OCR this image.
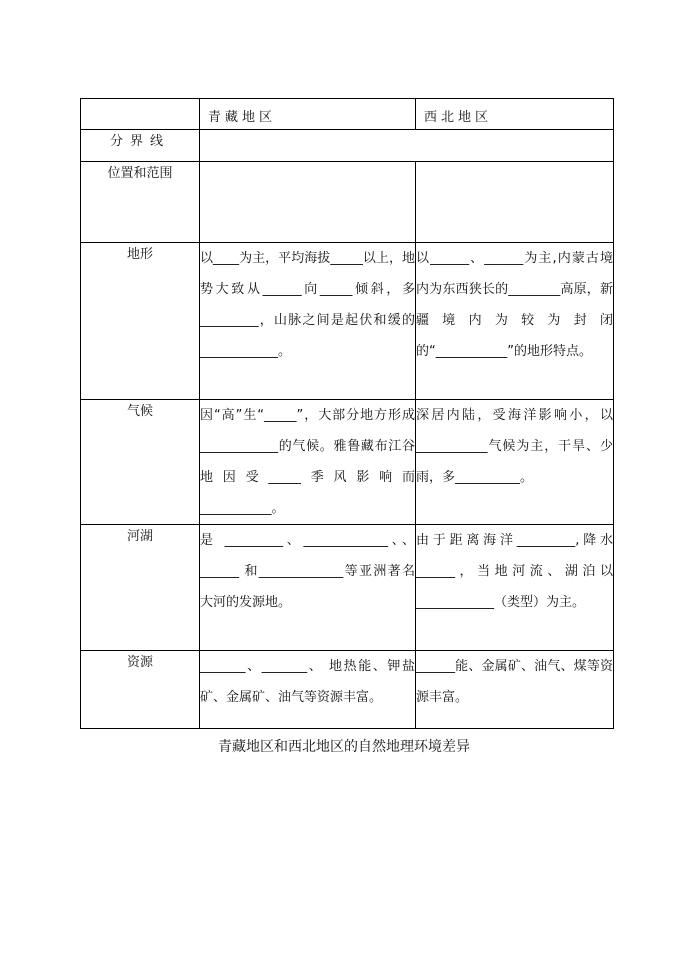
	青藏地区	西北地区
分界线		
位置和范围		
地形	以____为主，平均海拔_____以上，地势大致从______向_____倾斜，多_________，山脉之间是起伏和缓的 ____________。	以______、______为主,内蒙古境内为东西狭长的________高原，新疆境内为较为封闭的“___________”的地形特点。
气候	因“高”生“_____”，大部分地方形成____________的气候。雅鲁藏布江谷地因受_____季风影响而___________。	深居内陆，受海洋影响小，以___________气候为主，干旱、少雨，多__________。
河湖	是 _________、_____________、、______ 和_____________等亚洲著名大河的发源地。	由于距离海洋_________,降水______，当地河流、湖泊以____________（类型）为主。
资源	_______、_______、 地热能、钾盐矿、金属矿、油气等资源丰富。	______能、金属矿、油气、煤等资源丰富。
青藏地区和西北地区的自然地理环境差异
